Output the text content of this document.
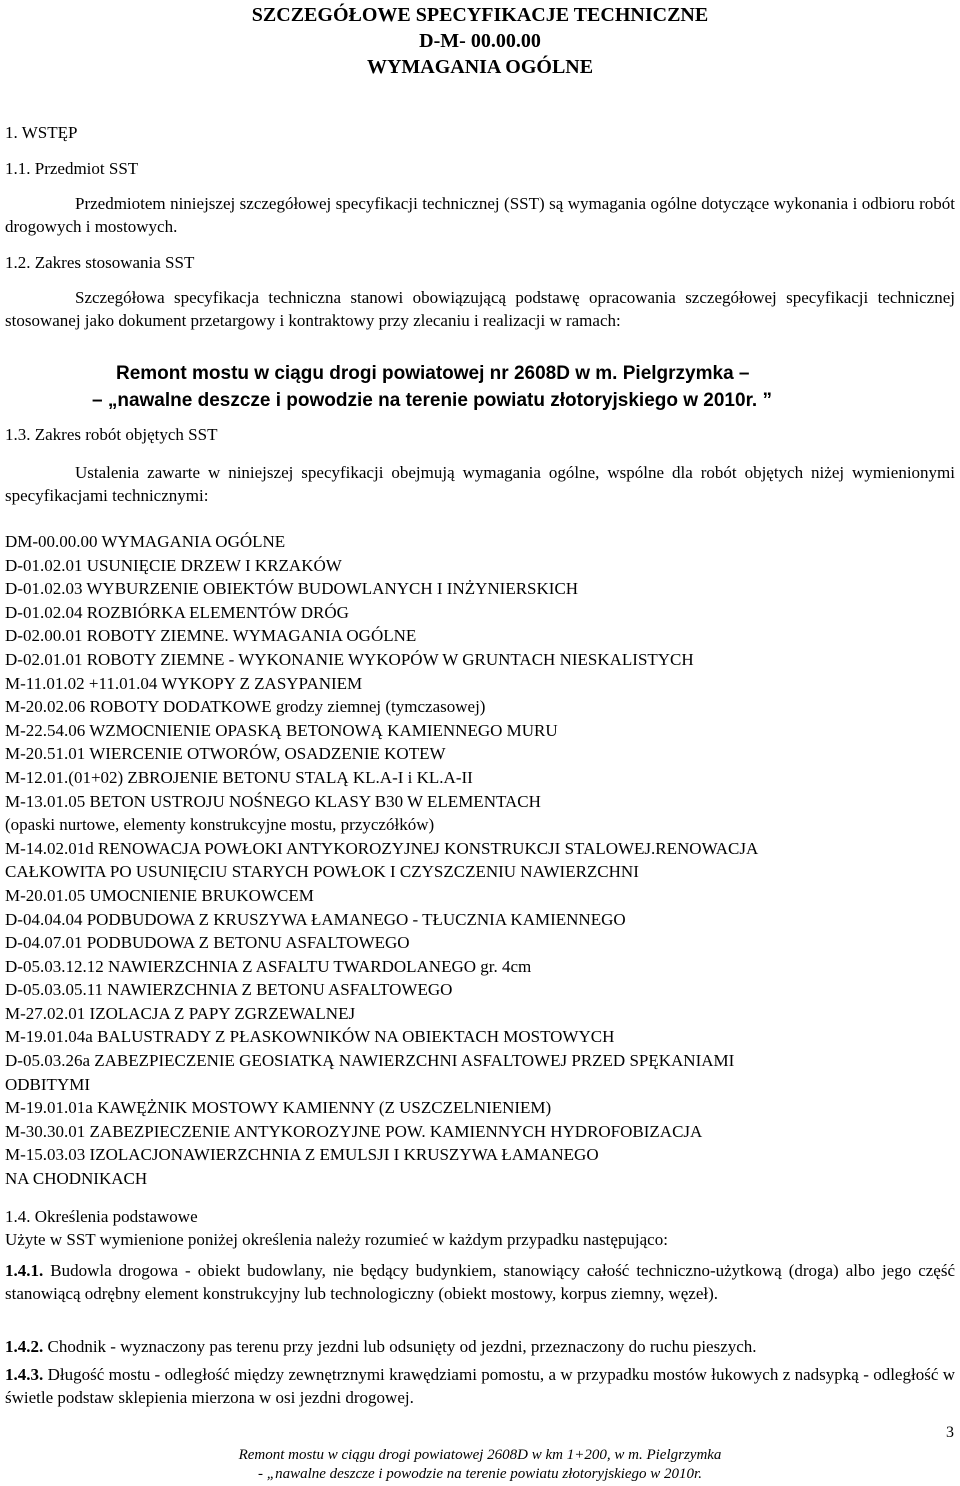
SZCZEGÓŁOWE SPECYFIKACJE TECHNICZNE
D-M- 00.00.00
WYMAGANIA OGÓLNE
1. WSTĘP
1.1. Przedmiot SST
Przedmiotem niniejszej szczegółowej specyfikacji technicznej (SST) są wymagania ogólne dotyczące wykonania i odbioru robót drogowych i mostowych.
1.2. Zakres stosowania SST
Szczegółowa specyfikacja techniczna stanowi obowiązującą podstawę opracowania szczegółowej specyfikacji technicznej stosowanej jako dokument przetargowy i kontraktowy przy zlecaniu i realizacji w ramach:
Remont mostu w ciągu drogi powiatowej nr 2608D w m. Pielgrzymka –
– „nawalne deszcze i powodzie na terenie powiatu złotoryjskiego w 2010r. ”
1.3. Zakres robót objętych SST
Ustalenia zawarte w niniejszej specyfikacji obejmują wymagania ogólne, wspólne dla robót objętych niżej wymienionymi specyfikacjami technicznymi:
DM-00.00.00 WYMAGANIA OGÓLNE
D-01.02.01 USUNIĘCIE DRZEW I KRZAKÓW
D-01.02.03 WYBURZENIE OBIEKTÓW BUDOWLANYCH I INŻYNIERSKICH
D-01.02.04 ROZBIÓRKA ELEMENTÓW DRÓG
D-02.00.01 ROBOTY ZIEMNE. WYMAGANIA OGÓLNE
D-02.01.01 ROBOTY ZIEMNE - WYKONANIE WYKOPÓW W GRUNTACH NIESKALISTYCH
M-11.01.02 +11.01.04 WYKOPY Z ZASYPANIEM
M-20.02.06 ROBOTY DODATKOWE grodzy ziemnej (tymczasowej)
M-22.54.06 WZMOCNIENIE OPASKĄ BETONOWĄ KAMIENNEGO MURU
M-20.51.01 WIERCENIE OTWORÓW, OSADZENIE KOTEW
M-12.01.(01+02) ZBROJENIE BETONU STALĄ KL.A-I i KL.A-II
M-13.01.05 BETON USTROJU NOŚNEGO KLASY B30 W ELEMENTACH
(opaski nurtowe, elementy konstrukcyjne mostu, przyczółków)
M-14.02.01d RENOWACJA POWŁOKI ANTYKOROZYJNEJ KONSTRUKCJI STALOWEJ.RENOWACJA
CAŁKOWITA PO USUNIĘCIU STARYCH POWŁOK I CZYSZCZENIU NAWIERZCHNI
M-20.01.05 UMOCNIENIE BRUKOWCEM
D-04.04.04 PODBUDOWA Z KRUSZYWA ŁAMANEGO - TŁUCZNIA KAMIENNEGO
D-04.07.01 PODBUDOWA Z BETONU ASFALTOWEGO
D-05.03.12.12 NAWIERZCHNIA Z ASFALTU TWARDOLANEGO gr. 4cm
D-05.03.05.11 NAWIERZCHNIA Z BETONU ASFALTOWEGO
M-27.02.01 IZOLACJA Z PAPY ZGRZEWALNEJ
M-19.01.04a BALUSTRADY Z PŁASKOWNIKÓW NA OBIEKTACH MOSTOWYCH
D-05.03.26a ZABEZPIECZENIE GEOSIATKĄ NAWIERZCHNI ASFALTOWEJ PRZED SPĘKANIAMI
ODBITYMI
M-19.01.01a KAWĘŻNIK MOSTOWY KAMIENNY (Z USZCZELNIENIEM)
M-30.30.01 ZABEZPIECZENIE ANTYKOROZYJNE POW. KAMIENNYCH HYDROFOBIZACJA
M-15.03.03 IZOLACJONAWIERZCHNIA Z EMULSJI I KRUSZYWA ŁAMANEGO
NA CHODNIKACH
1.4. Określenia podstawowe
Użyte w SST wymienione poniżej określenia należy rozumieć w każdym przypadku następująco:
1.4.1. Budowla drogowa - obiekt budowlany, nie będący budynkiem, stanowiący całość techniczno-użytkową (droga) albo jego część stanowiącą odrębny element konstrukcyjny lub technologiczny (obiekt mostowy, korpus ziemny, węzeł).
1.4.2. Chodnik - wyznaczony pas terenu przy jezdni lub odsunięty od jezdni, przeznaczony do ruchu pieszych.
1.4.3. Długość mostu - odległość między zewnętrznymi krawędziami pomostu, a w przypadku mostów łukowych z nadsypką - odległość w świetle podstaw sklepienia mierzona w osi jezdni drogowej.
3
Remont mostu w ciągu drogi powiatowej 2608D w km 1+200, w m. Pielgrzymka
- „nawalne deszcze i powodzie na terenie powiatu złotoryjskiego w 2010r.
